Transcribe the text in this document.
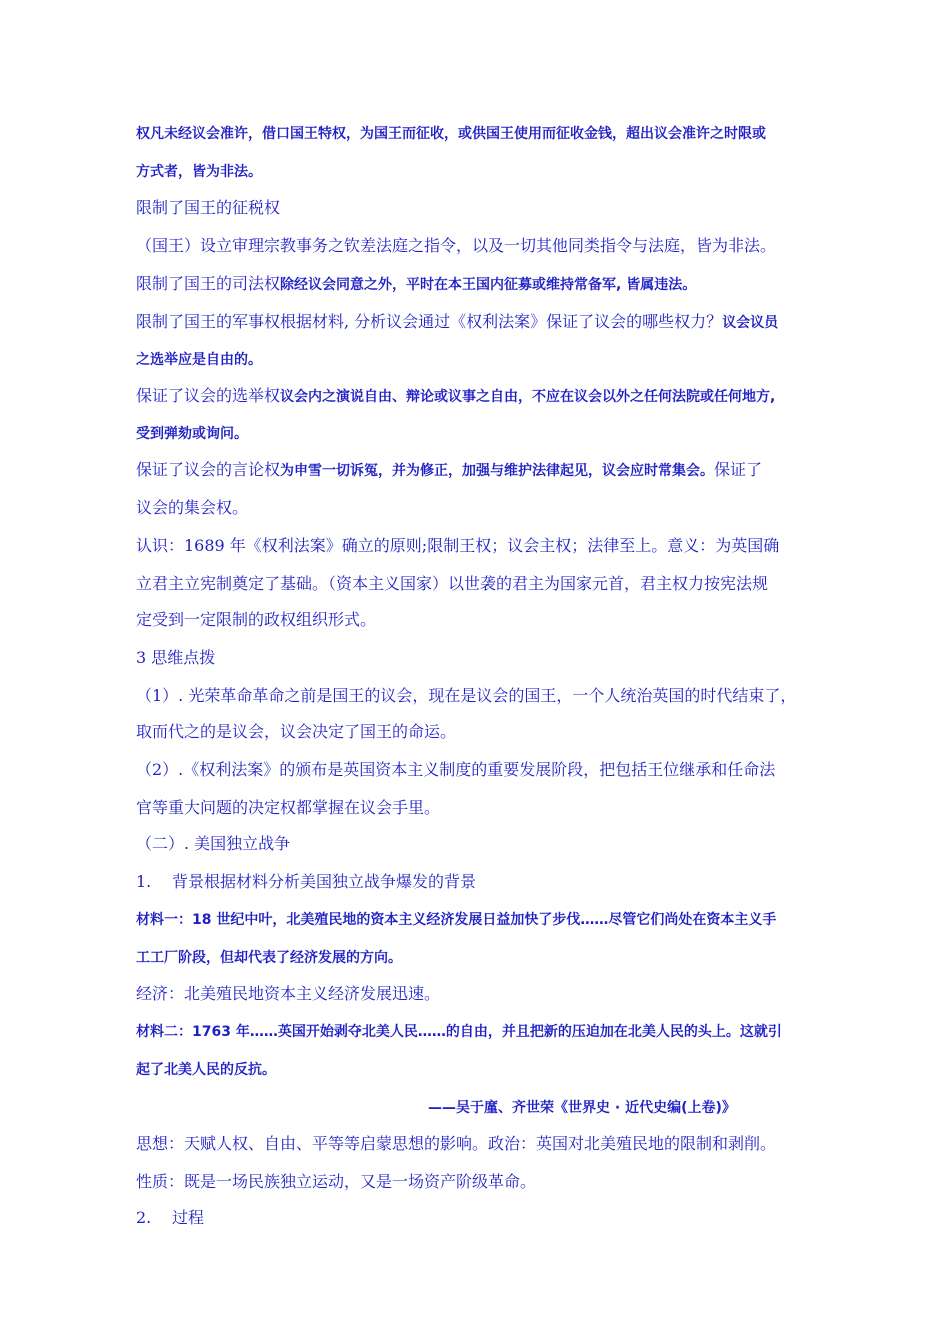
权凡未经议会准许，借口国王特权，为国王而征收，或供国王使用而征收金钱，超出议会准许之时限或
方式者，皆为非法。
限制了国王的征税权
（国王）设立审理宗教事务之钦差法庭之指令，以及一切其他同类指令与法庭，皆为非法。
限制了国王的司法权除经议会同意之外，平时在本王国内征募或维持常备军, 皆属违法。
限制了国王的军事权根据材料, 分析议会通过《权利法案》保证了议会的哪些权力？议会议员
之选举应是自由的。
保证了议会的选举权议会内之演说自由、辩论或议事之自由，不应在议会以外之任何法院或任何地方,
受到弹劾或询问。
保证了议会的言论权为申雪一切诉冤，并为修正，加强与维护法律起见，议会应时常集会。保证了
议会的集会权。
认识：1689 年《权利法案》确立的原则;限制王权；议会主权；法律至上。意义：为英国确
立君主立宪制奠定了基础。（资本主义国家）以世袭的君主为国家元首，君主权力按宪法规
定受到一定限制的政权组织形式。
3 思维点拨
（1）. 光荣革命革命之前是国王的议会，现在是议会的国王，一个人统治英国的时代结束了，
取而代之的是议会，议会决定了国王的命运。
（2）.《权利法案》的颁布是英国资本主义制度的重要发展阶段，把包括王位继承和任命法
官等重大问题的决定权都掌握在议会手里。
（二）. 美国独立战争
1. 背景根据材料分析美国独立战争爆发的背景
材料一：18 世纪中叶，北美殖民地的资本主义经济发展日益加快了步伐……尽管它们尚处在资本主义手
工工厂阶段，但却代表了经济发展的方向。
经济：北美殖民地资本主义经济发展迅速。
材料二：1763 年……英国开始剥夺北美人民……的自由，并且把新的压迫加在北美人民的头上。这就引
起了北美人民的反抗。
——吴于廑、齐世荣《世界史 · 近代史编(上卷)》
思想：天赋人权、自由、平等等启蒙思想的影响。政治：英国对北美殖民地的限制和剥削。
性质：既是一场民族独立运动，又是一场资产阶级革命。
2. 过程
